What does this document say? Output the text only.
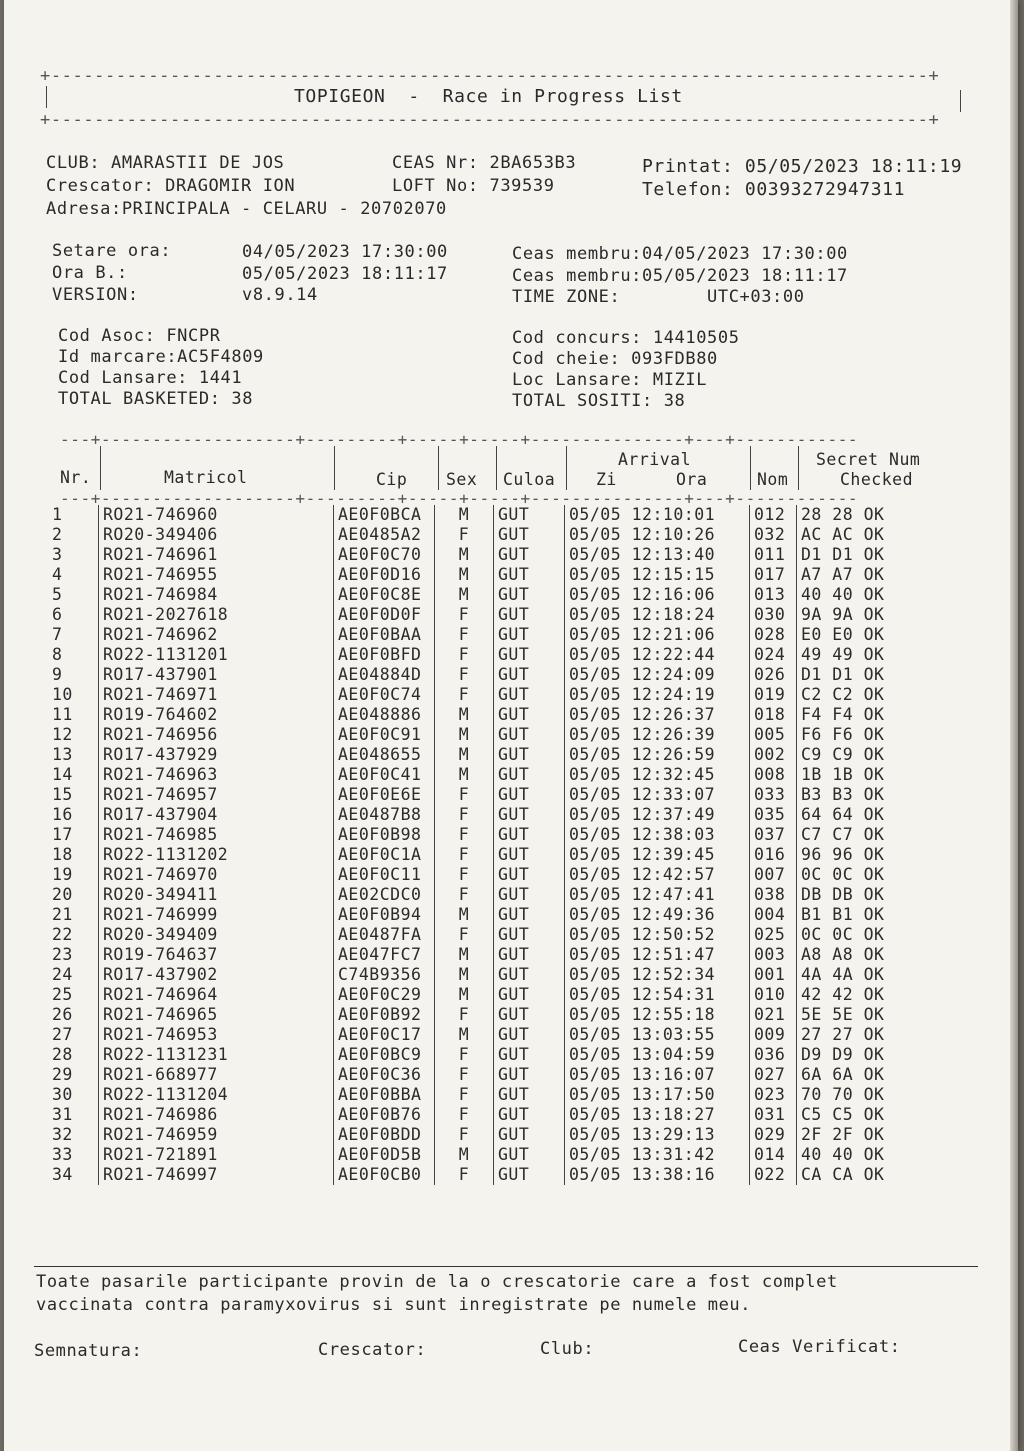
+---------------------------------------------------------------------------------+
TOPIGEON  -  Race in Progress List
+---------------------------------------------------------------------------------+
CLUB: AMARASTII DE JOS	CEAS Nr: 2BA653B3	Printat: 05/05/2023 18:11:19
Crescator: DRAGOMIR ION	LOFT No: 739539	Telefon: 00393272947311
Adresa:PRINCIPALA - CELARU - 20702070
Setare ora:	04/05/2023 17:30:00	Ceas membru:04/05/2023 17:30:00
Ora B.:	05/05/2023 18:11:17	Ceas membru:05/05/2023 18:11:17
VERSION:	v8.9.14	TIME ZONE:        UTC+03:00
Cod Asoc: FNCPR	Cod concurs: 14410505
Id marcare:AC5F4809	Cod cheie: 093FDB80
Cod Lansare: 1441	Loc Lansare: MIZIL
TOTAL BASKETED: 38	TOTAL SOSITI: 38
---+-------------------+---------+-----+-----+---------------+---+------------
Nr.	Matricol	Cip Sex Culoa
Arrival
Zi	Ora	Nom
Secret Num
Checked
---+-------------------+---------+-----+-----+---------------+---+------------
1	RO21-746960	AE0F0BCA	M	GUT	05/05 12:10:01	012	28 28 OK
2	RO20-349406	AE0485A2	F	GUT	05/05 12:10:26	032	AC AC OK
3	RO21-746961	AE0F0C70	M	GUT	05/05 12:13:40	011	D1 D1 OK
4	RO21-746955	AE0F0D16	M	GUT	05/05 12:15:15	017	A7 A7 OK
5	RO21-746984	AE0F0C8E	M	GUT	05/05 12:16:06	013	40 40 OK
6	RO21-2027618	AE0F0D0F	F	GUT	05/05 12:18:24	030	9A 9A OK
7	RO21-746962	AE0F0BAA	F	GUT	05/05 12:21:06	028	E0 E0 OK
8	RO22-1131201	AE0F0BFD	F	GUT	05/05 12:22:44	024	49 49 OK
9	RO17-437901	AE04884D	F	GUT	05/05 12:24:09	026	D1 D1 OK
10	RO21-746971	AE0F0C74	F	GUT	05/05 12:24:19	019	C2 C2 OK
11	RO19-764602	AE048886	M	GUT	05/05 12:26:37	018	F4 F4 OK
12	RO21-746956	AE0F0C91	M	GUT	05/05 12:26:39	005	F6 F6 OK
13	RO17-437929	AE048655	M	GUT	05/05 12:26:59	002	C9 C9 OK
14	RO21-746963	AE0F0C41	M	GUT	05/05 12:32:45	008	1B 1B OK
15	RO21-746957	AE0F0E6E	F	GUT	05/05 12:33:07	033	B3 B3 OK
16	RO17-437904	AE0487B8	F	GUT	05/05 12:37:49	035	64 64 OK
17	RO21-746985	AE0F0B98	F	GUT	05/05 12:38:03	037	C7 C7 OK
18	RO22-1131202	AE0F0C1A	F	GUT	05/05 12:39:45	016	96 96 OK
19	RO21-746970	AE0F0C11	F	GUT	05/05 12:42:57	007	0C 0C OK
20	RO20-349411	AE02CDC0	F	GUT	05/05 12:47:41	038	DB DB OK
21	RO21-746999	AE0F0B94	M	GUT	05/05 12:49:36	004	B1 B1 OK
22	RO20-349409	AE0487FA	F	GUT	05/05 12:50:52	025	0C 0C OK
23	RO19-764637	AE047FC7	M	GUT	05/05 12:51:47	003	A8 A8 OK
24	RO17-437902	C74B9356	M	GUT	05/05 12:52:34	001	4A 4A OK
25	RO21-746964	AE0F0C29	M	GUT	05/05 12:54:31	010	42 42 OK
26	RO21-746965	AE0F0B92	F	GUT	05/05 12:55:18	021	5E 5E OK
27	RO21-746953	AE0F0C17	M	GUT	05/05 13:03:55	009	27 27 OK
28	RO22-1131231	AE0F0BC9	F	GUT	05/05 13:04:59	036	D9 D9 OK
29	RO21-668977	AE0F0C36	F	GUT	05/05 13:16:07	027	6A 6A OK
30	RO22-1131204	AE0F0BBA	F	GUT	05/05 13:17:50	023	70 70 OK
31	RO21-746986	AE0F0B76	F	GUT	05/05 13:18:27	031	C5 C5 OK
32	RO21-746959	AE0F0BDD	F	GUT	05/05 13:29:13	029	2F 2F OK
33	RO21-721891	AE0F0D5B	M	GUT	05/05 13:31:42	014	40 40 OK
34	RO21-746997	AE0F0CB0	F	GUT	05/05 13:38:16	022	CA CA OK
Toate pasarile participante provin de la o crescatorie care a fost complet
vaccinata contra paramyxovirus si sunt inregistrate pe numele meu.
Semnatura:	Crescator:	Club:	Ceas Verificat:
